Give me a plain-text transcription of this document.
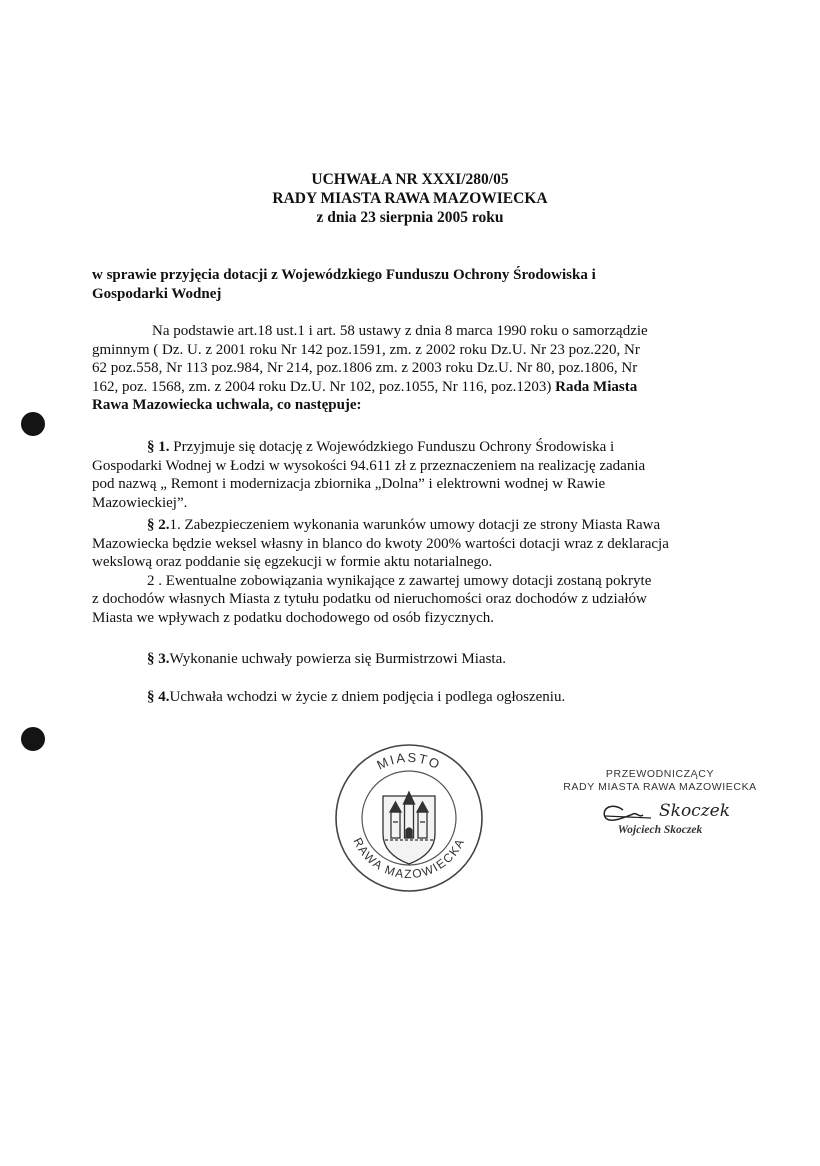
UCHWAŁA NR XXXI/280/05
RADY MIASTA RAWA MAZOWIECKA
z dnia 23 sierpnia 2005 roku
w sprawie przyjęcia dotacji z Wojewódzkiego Funduszu Ochrony Środowiska i
Gospodarki Wodnej
Na podstawie art.18 ust.1 i art. 58 ustawy z dnia 8 marca 1990 roku o samorządzie
gminnym ( Dz. U. z 2001 roku Nr 142 poz.1591, zm. z 2002 roku Dz.U. Nr 23 poz.220, Nr
62 poz.558, Nr 113 poz.984, Nr 214, poz.1806 zm. z 2003 roku Dz.U. Nr 80, poz.1806, Nr
162, poz. 1568, zm. z 2004 roku Dz.U. Nr 102, poz.1055, Nr 116, poz.1203) Rada Miasta
Rawa Mazowiecka uchwala, co następuje:
§ 1. Przyjmuje się dotację z Wojewódzkiego Funduszu Ochrony Środowiska i
Gospodarki Wodnej w Łodzi w wysokości 94.611 zł z przeznaczeniem na realizację zadania
pod nazwą „ Remont i modernizacja zbiornika „Dolna” i elektrowni wodnej w Rawie
Mazowieckiej”.
§ 2.1. Zabezpieczeniem wykonania warunków umowy dotacji ze strony Miasta Rawa
Mazowiecka będzie weksel własny in blanco do kwoty 200% wartości dotacji wraz z deklaracja
wekslową oraz poddanie się egzekucji w formie aktu notarialnego.
2 . Ewentualne zobowiązania wynikające z zawartej umowy dotacji zostaną pokryte
z dochodów własnych Miasta z tytułu podatku od nieruchomości oraz dochodów z udziałów
Miasta we wpływach z podatku dochodowego od osób fizycznych.
§ 3.Wykonanie uchwały powierza się Burmistrzowi Miasta.
§ 4.Uchwała wchodzi w życie z dniem podjęcia i podlega ogłoszeniu.
MIASTO
RAWA MAZOWIECKA
PRZEWODNICZĄCY
RADY MIASTA RAWA MAZOWIECKA
Skoczek
Wojciech Skoczek
